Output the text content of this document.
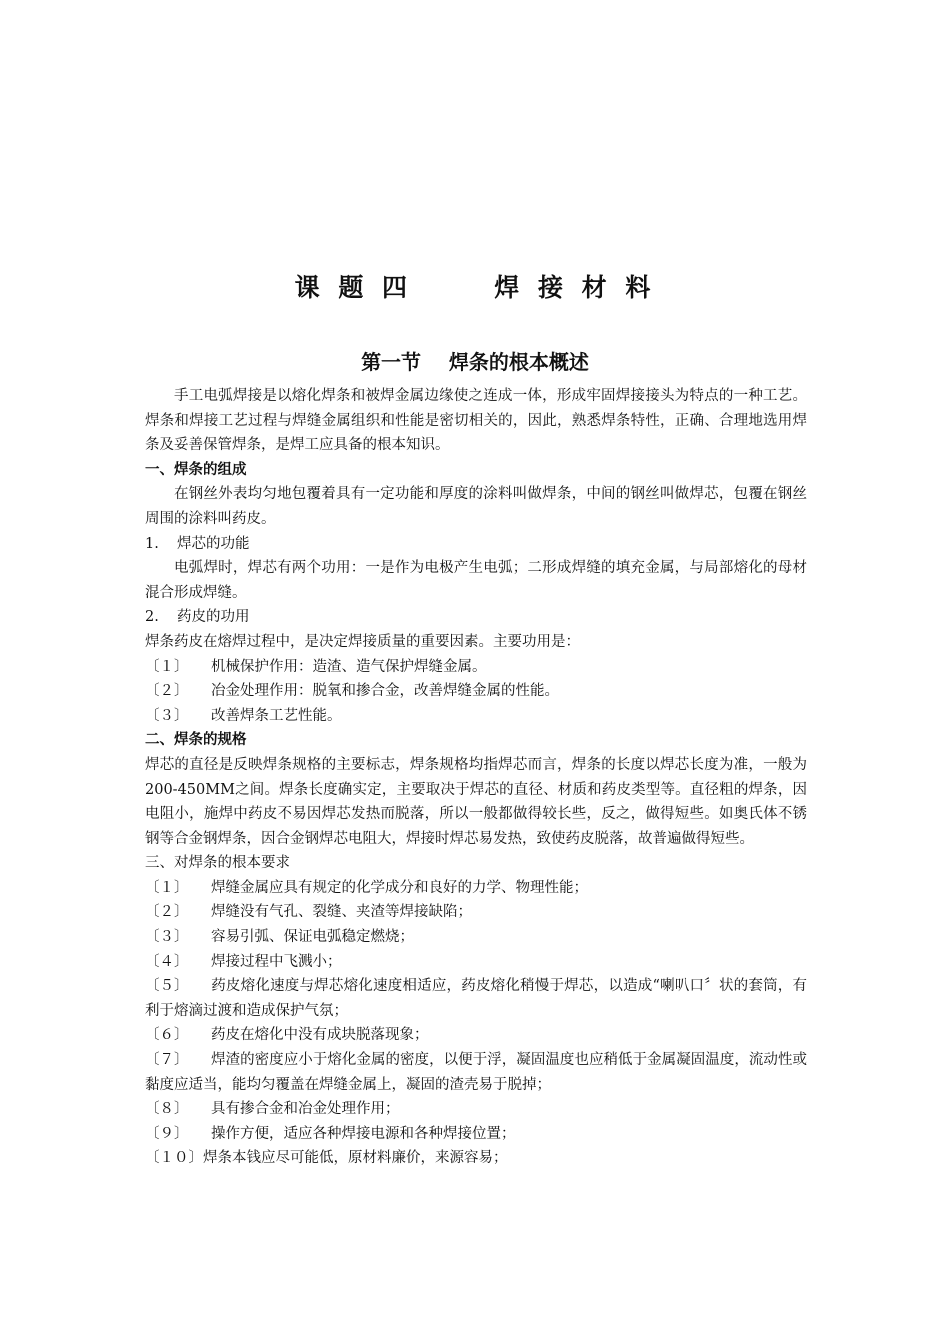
课 题 四      焊 接 材 料
第一节    焊条的根本概述

手工电弧焊接是以熔化焊条和被焊金属边缘使之连成一体，形成牢固焊接接头为特点的一种工艺。焊条和焊接工艺过程与焊缝金属组织和性能是密切相关的，因此，熟悉焊条特性，正确、合理地选用焊条及妥善保管焊条，是焊工应具备的根本知识。

一、焊条的组成

在钢丝外表均匀地包覆着具有一定功能和厚度的涂料叫做焊条，中间的钢丝叫做焊芯，包覆在钢丝周围的涂料叫药皮。

1. 焊芯的功能

电弧焊时，焊芯有两个功用：一是作为电极产生电弧；二形成焊缝的填充金属，与局部熔化的母材混合形成焊缝。

2. 药皮的功用

焊条药皮在熔焊过程中，是决定焊接质量的重要因素。主要功用是：

〔１〕 机械保护作用：造渣、造气保护焊缝金属。

〔２〕 冶金处理作用：脱氧和掺合金，改善焊缝金属的性能。

〔３〕 改善焊条工艺性能。

二、焊条的规格

焊芯的直径是反映焊条规格的主要标志，焊条规格均指焊芯而言，焊条的长度以焊芯长度为准，一般为200-450MM之间。焊条长度确实定，主要取决于焊芯的直径、材质和药皮类型等。直径粗的焊条，因电阻小，施焊中药皮不易因焊芯发热而脱落，所以一般都做得较长些，反之，做得短些。如奥氏体不锈钢等合金钢焊条，因合金钢焊芯电阻大，焊接时焊芯易发热，致使药皮脱落，故普遍做得短些。

三、对焊条的根本要求

〔１〕 焊缝金属应具有规定的化学成分和良好的力学、物理性能；

〔２〕 焊缝没有气孔、裂缝、夹渣等焊接缺陷；

〔３〕 容易引弧、保证电弧稳定燃烧；

〔４〕 焊接过程中飞溅小；

〔５〕 药皮熔化速度与焊芯熔化速度相适应，药皮熔化稍慢于焊芯，以造成“喇叭口〞状的套筒，有利于熔滴过渡和造成保护气氛；

〔６〕 药皮在熔化中没有成块脱落现象；

〔７〕 焊渣的密度应小于熔化金属的密度，以便于浮，凝固温度也应稍低于金属凝固温度，流动性或黏度应适当，能均匀覆盖在焊缝金属上，凝固的渣壳易于脱掉；

〔８〕 具有掺合金和冶金处理作用；

〔９〕 操作方便，适应各种焊接电源和各种焊接位置；

〔１０〕焊条本钱应尽可能低，原材料廉价，来源容易；
